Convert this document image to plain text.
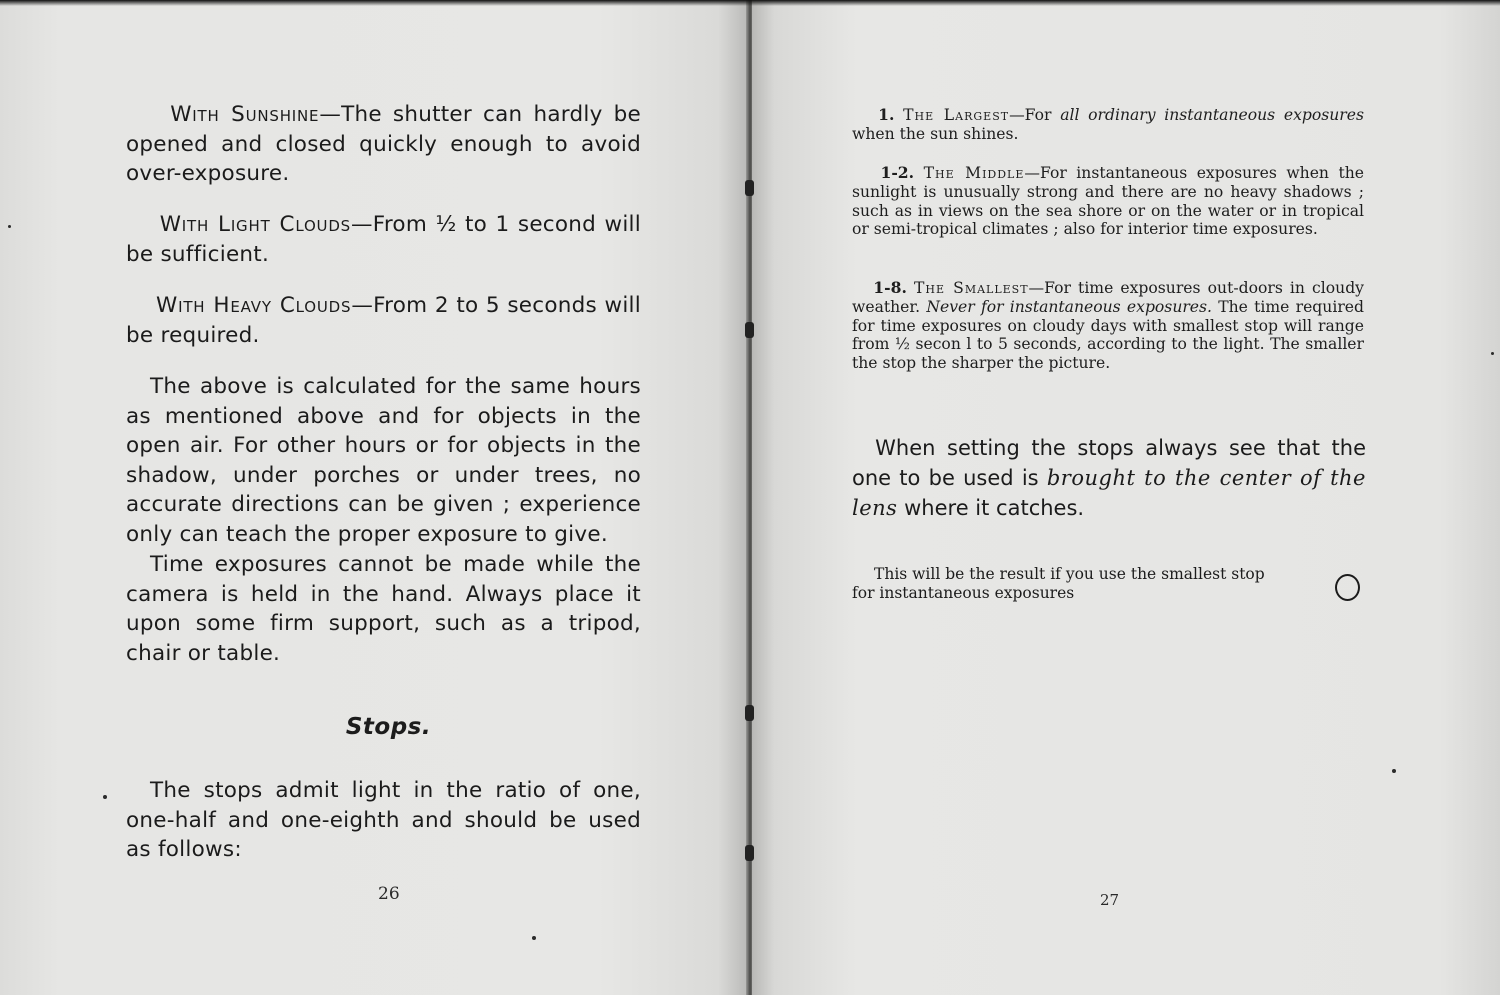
With Sunshine—The shutter can hardly be opened and closed quickly enough to avoid over-exposure.

With Light Clouds—From ½ to 1 second will be sufficient.

With Heavy Clouds—From 2 to 5 seconds will be required.

The above is calculated for the same hours as mentioned above and for objects in the open air. For other hours or for objects in the shadow, under porches or under trees, no accurate directions can be given ; experience only can teach the proper exposure to give.

Time exposures cannot be made while the camera is held in the hand. Always place it upon some firm support, such as a tripod, chair or table.

Stops.

The stops admit light in the ratio of one, one-half and one-eighth and should be used as follows:

26

1. The Largest—For all ordinary instantaneous exposures when the sun shines.

1-2. The Middle—For instantaneous exposures when the sunlight is unusually strong and there are no heavy shadows ; such as in views on the sea shore or on the water or in tropical or semi-tropical climates ; also for interior time exposures.

1-8. The Smallest—For time exposures out-doors in cloudy weather. Never for instantaneous exposures. The time required for time exposures on cloudy days with smallest stop will range from ½ secon l to 5 seconds, according to the light. The smaller the stop the sharper the picture.

When setting the stops always see that the one to be used is brought to the center of the lens where it catches.

This will be the result if you use the smallest stop
for instantaneous exposures

27
